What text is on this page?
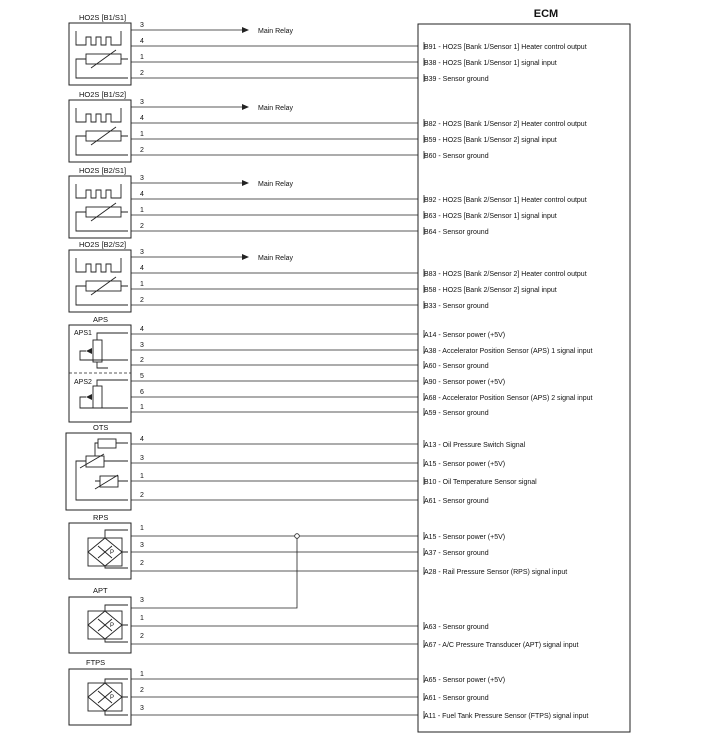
ECM
HO2S [B1/S1]
3
Main Relay
4
B91 - HO2S [Bank 1/Sensor 1] Heater control output
1
B38 - HO2S [Bank 1/Sensor 1] signal input
2
B39 - Sensor ground
HO2S [B1/S2]
3
Main Relay
4
B82 - HO2S [Bank 1/Sensor 2] Heater control output
1
B59 - HO2S [Bank 1/Sensor 2] signal input
2
B60 - Sensor ground
HO2S [B2/S1]
3
Main Relay
4
B92 - HO2S [Bank 2/Sensor 1] Heater control output
1
B63 - HO2S [Bank 2/Sensor 1] signal input
2
B64 - Sensor ground
HO2S [B2/S2]
3
Main Relay
4
B83 - HO2S [Bank 2/Sensor 2] Heater control output
1
B58 - HO2S [Bank 2/Sensor 2] signal input
2
B33 - Sensor ground
APS
APS1
APS2
4
A14 - Sensor power (+5V)
3
A38 - Accelerator Position Sensor (APS) 1 signal input
2
A60 - Sensor ground
5
A90 - Sensor power (+5V)
6
A68 - Accelerator Position Sensor (APS) 2 signal input
1
A59 - Sensor ground
OTS
4
A13 - Oil Pressure Switch Signal
3
A15 - Sensor power (+5V)
1
B10 - Oil Temperature Sensor signal
2
A61 - Sensor ground
RPS
P
1
A15 - Sensor power (+5V)
3
A37 - Sensor ground
2
A28 - Rail Pressure Sensor (RPS) signal input
APT
P
3
1
A63 - Sensor ground
2
A67 - A/C Pressure Transducer (APT) signal input
FTPS
P
1
A65 - Sensor power (+5V)
2
A61 - Sensor ground
3
A11 - Fuel Tank Pressure Sensor (FTPS) signal input
